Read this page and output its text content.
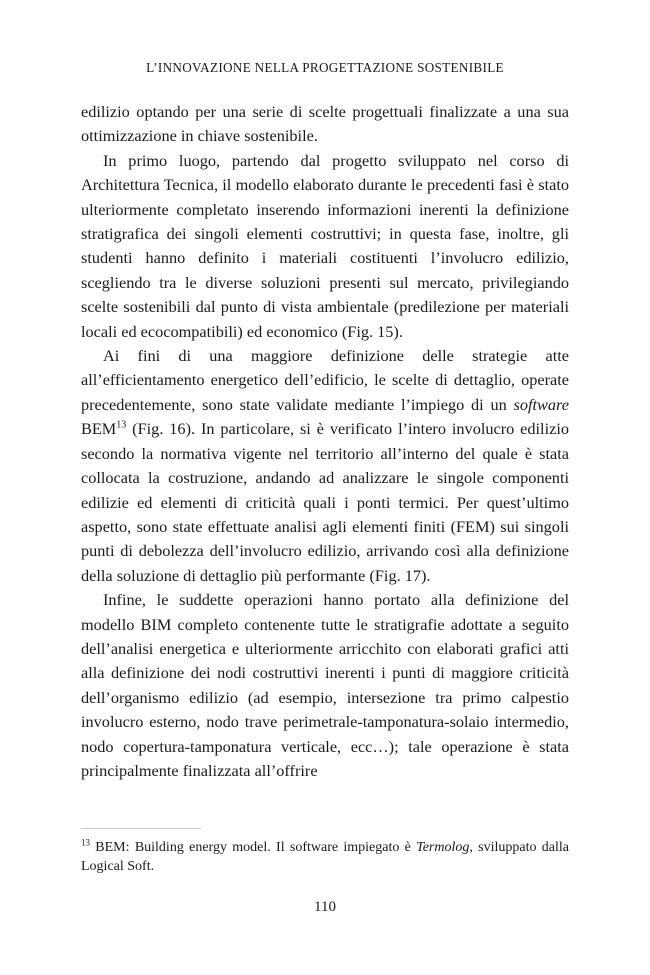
L’INNOVAZIONE NELLA PROGETTAZIONE SOSTENIBILE

edilizio optando per una serie di scelte progettuali finalizzate a una sua ottimizzazione in chiave sostenibile.

In primo luogo, partendo dal progetto sviluppato nel corso di Architettura Tecnica, il modello elaborato durante le precedenti fasi è stato ulteriormente completato inserendo informazioni inerenti la definizione stratigrafica dei singoli elementi costruttivi; in questa fase, inoltre, gli studenti hanno definito i materiali costituenti l’involucro edilizio, scegliendo tra le diverse soluzioni presenti sul mercato, privilegiando scelte sostenibili dal punto di vista ambientale (predilezione per materiali locali ed ecocompatibili) ed economico (Fig. 15).

Ai fini di una maggiore definizione delle strategie atte all’efficientamento energetico dell’edificio, le scelte di dettaglio, operate precedentemente, sono state validate mediante l’impiego di un software BEM$^{13}$ (Fig. 16). In particolare, si è verificato l’intero involucro edilizio secondo la normativa vigente nel territorio all’interno del quale è stata collocata la costruzione, andando ad analizzare le singole componenti edilizie ed elementi di criticità quali i ponti termici. Per quest’ultimo aspetto, sono state effettuate analisi agli elementi finiti (FEM) sui singoli punti di debolezza dell’involucro edilizio, arrivando così alla definizione della soluzione di dettaglio più performante (Fig. 17).

Infine, le suddette operazioni hanno portato alla definizione del modello BIM completo contenente tutte le stratigrafie adottate a seguito dell’analisi energetica e ulteriormente arricchito con elaborati grafici atti alla definizione dei nodi costruttivi inerenti i punti di maggiore criticità dell’organismo edilizio (ad esempio, intersezione tra primo calpestio involucro esterno, nodo trave perimetrale-tamponatura-solaio intermedio, nodo copertura-tamponatura verticale, ecc…); tale operazione è stata principalmente finalizzata all’offrire

$^{13}$ BEM: Building energy model. Il software impiegato è Termolog, sviluppato dalla Logical Soft.
110
